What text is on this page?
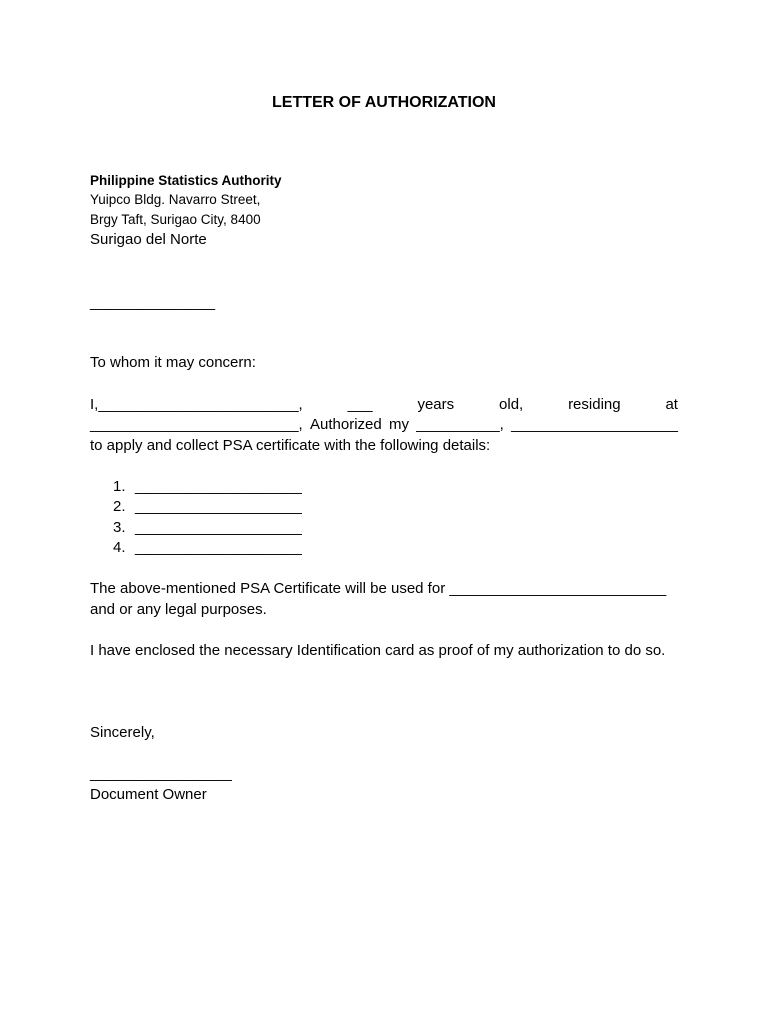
LETTER OF AUTHORIZATION
Philippine Statistics Authority
Yuipco Bldg. Navarro Street,
Brgy Taft, Surigao City, 8400
Surigao del Norte
_______________
To whom it may concern:
I,________________________,	___	years	old,	residing	at
_________________________, Authorized my __________, ____________________
to apply and collect PSA certificate with the following details:
1. ____________________
2. ____________________
3. ____________________
4. ____________________
The above-mentioned PSA Certificate will be used for __________________________
and or any legal purposes.
I have enclosed the necessary Identification card as proof of my authorization to do so.
Sincerely,
_________________
Document Owner
